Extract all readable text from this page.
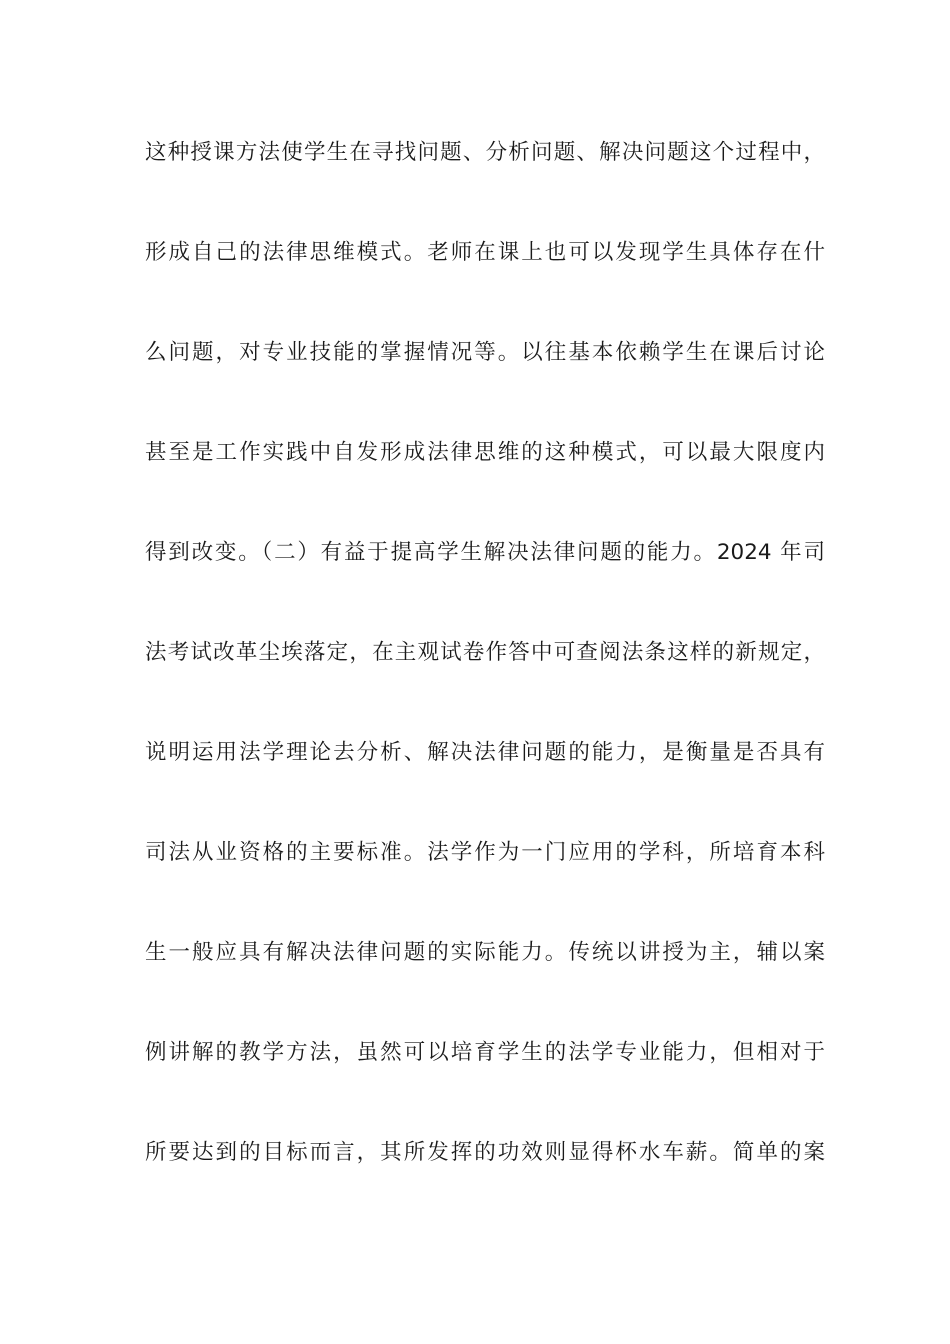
这种授课方法使学生在寻找问题、分析问题、解决问题这个过程中，
形成自己的法律思维模式。老师在课上也可以发现学生具体存在什
么问题，对专业技能的掌握情况等。以往基本依赖学生在课后讨论
甚至是工作实践中自发形成法律思维的这种模式，可以最大限度内
得到改变。（二）有益于提高学生解决法律问题的能力。2024 年司
法考试改革尘埃落定，在主观试卷作答中可查阅法条这样的新规定，
说明运用法学理论去分析、解决法律问题的能力，是衡量是否具有
司法从业资格的主要标准。法学作为一门应用的学科，所培育本科
生一般应具有解决法律问题的实际能力。传统以讲授为主，辅以案
例讲解的教学方法，虽然可以培育学生的法学专业能力，但相对于
所要达到的目标而言，其所发挥的功效则显得杯水车薪。简单的案
